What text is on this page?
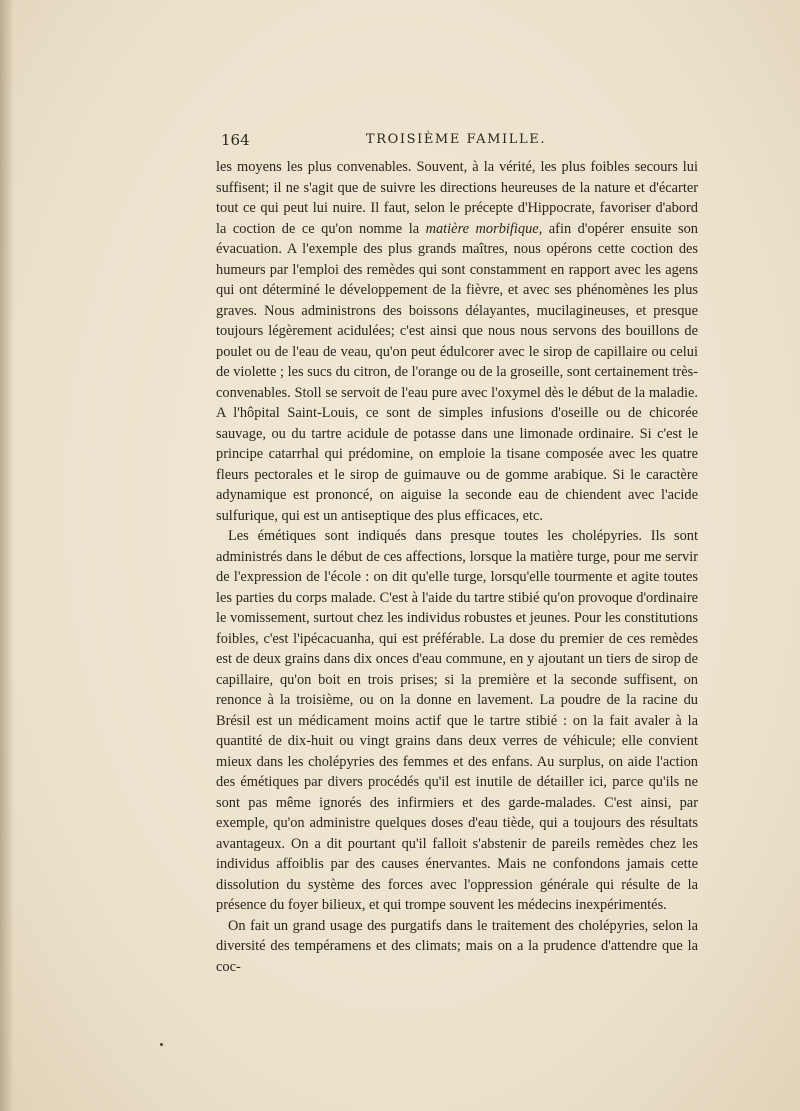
164	TROISIÈME FAMILLE.

les moyens les plus convenables. Souvent, à la vérité, les plus foibles secours lui suffisent; il ne s'agit que de suivre les directions heureuses de la nature et d'écarter tout ce qui peut lui nuire. Il faut, selon le précepte d'Hippocrate, favoriser d'abord la coction de ce qu'on nomme la matière morbifique, afin d'opérer ensuite son évacuation. A l'exemple des plus grands maîtres, nous opérons cette coction des humeurs par l'emploi des remèdes qui sont constamment en rapport avec les agens qui ont déterminé le développement de la fièvre, et avec ses phénomènes les plus graves. Nous administrons des boissons délayantes, mucilagineuses, et presque toujours légèrement acidulées; c'est ainsi que nous nous servons des bouillons de poulet ou de l'eau de veau, qu'on peut édulcorer avec le sirop de capillaire ou celui de violette ; les sucs du citron, de l'orange ou de la groseille, sont certainement très-convenables. Stoll se servoit de l'eau pure avec l'oxymel dès le début de la maladie. A l'hôpital Saint-Louis, ce sont de simples infusions d'oseille ou de chicorée sauvage, ou du tartre acidule de potasse dans une limonade ordinaire. Si c'est le principe catarrhal qui prédomine, on emploie la tisane composée avec les quatre fleurs pectorales et le sirop de guimauve ou de gomme arabique. Si le caractère adynamique est prononcé, on aiguise la seconde eau de chiendent avec l'acide sulfurique, qui est un antiseptique des plus efficaces, etc.

Les émétiques sont indiqués dans presque toutes les cholépyries. Ils sont administrés dans le début de ces affections, lorsque la matière turge, pour me servir de l'expression de l'école : on dit qu'elle turge, lorsqu'elle tourmente et agite toutes les parties du corps malade. C'est à l'aide du tartre stibié qu'on provoque d'ordinaire le vomissement, surtout chez les individus robustes et jeunes. Pour les constitutions foibles, c'est l'ipécacuanha, qui est préférable. La dose du premier de ces remèdes est de deux grains dans dix onces d'eau commune, en y ajoutant un tiers de sirop de capillaire, qu'on boit en trois prises; si la première et la seconde suffisent, on renonce à la troisième, ou on la donne en lavement. La poudre de la racine du Brésil est un médicament moins actif que le tartre stibié : on la fait avaler à la quantité de dix-huit ou vingt grains dans deux verres de véhicule; elle convient mieux dans les cholépyries des femmes et des enfans. Au surplus, on aide l'action des émétiques par divers procédés qu'il est inutile de détailler ici, parce qu'ils ne sont pas même ignorés des infirmiers et des garde-malades. C'est ainsi, par exemple, qu'on administre quelques doses d'eau tiède, qui a toujours des résultats avantageux. On a dit pourtant qu'il falloit s'abstenir de pareils remèdes chez les individus affoiblis par des causes énervantes. Mais ne confondons jamais cette dissolution du système des forces avec l'oppression générale qui résulte de la présence du foyer bilieux, et qui trompe souvent les médecins inexpérimentés.

On fait un grand usage des purgatifs dans le traitement des cholépyries, selon la diversité des tempéramens et des climats; mais on a la prudence d'attendre que la coc-
